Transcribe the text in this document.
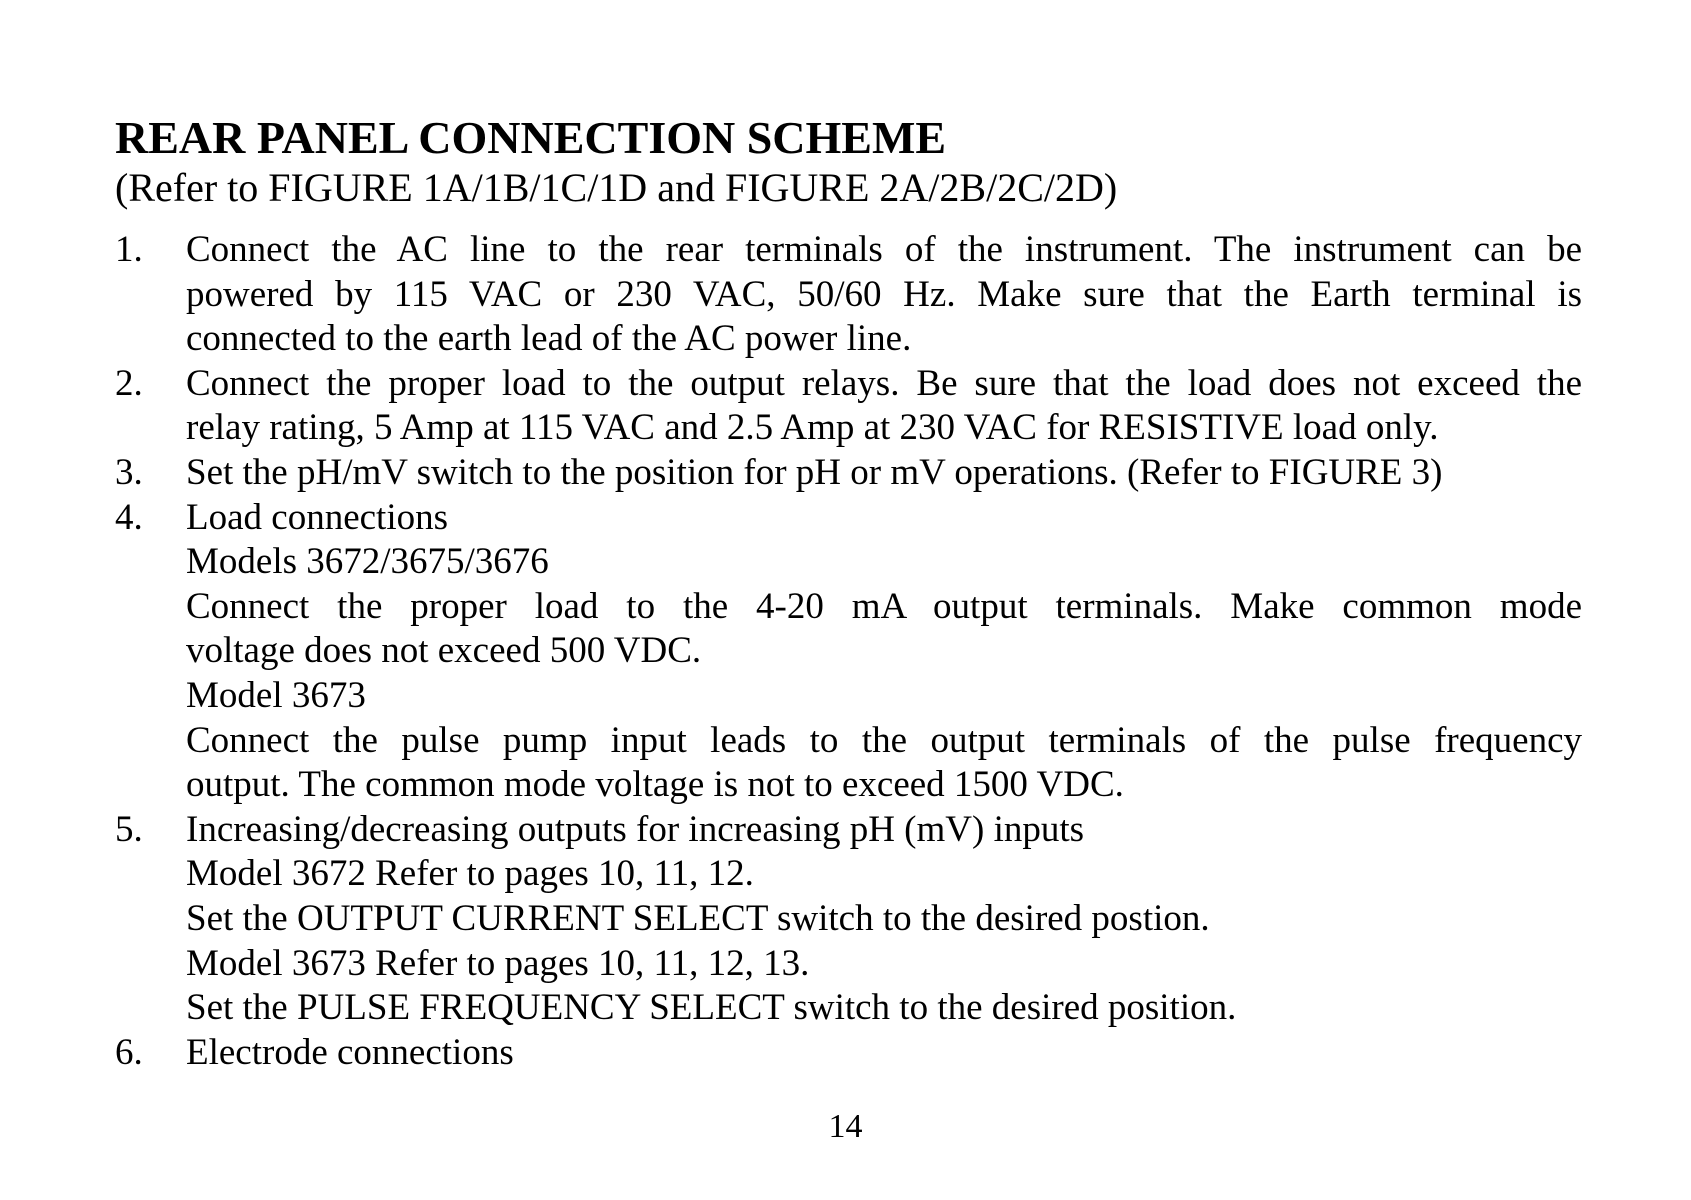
REAR PANEL CONNECTION SCHEME

(Refer to FIGURE 1A/1B/1C/1D and FIGURE 2A/2B/2C/2D)

1.	Connect the AC line to the rear terminals of the instrument. The instrument can be
powered by 115 VAC or 230 VAC, 50/60 Hz. Make sure that the Earth terminal is
connected to the earth lead of the AC power line.
2.	Connect the proper load to the output relays. Be sure that the load does not exceed the
relay rating, 5 Amp at 115 VAC and 2.5 Amp at 230 VAC for RESISTIVE load only.
3.	Set the pH/mV switch to the position for pH or mV operations. (Refer to FIGURE 3)
4.	Load connections
Models 3672/3675/3676
Connect the proper load to the 4-20 mA output terminals. Make common mode
voltage does not exceed 500 VDC.
Model 3673
Connect the pulse pump input leads to the output terminals of the pulse frequency
output. The common mode voltage is not to exceed 1500 VDC.
5.	Increasing/decreasing outputs for increasing pH (mV) inputs
Model 3672 Refer to pages 10, 11, 12.
Set the OUTPUT CURRENT SELECT switch to the desired postion.
Model 3673 Refer to pages 10, 11, 12, 13.
Set the PULSE FREQUENCY SELECT switch to the desired position.
6.	Electrode connections
14
